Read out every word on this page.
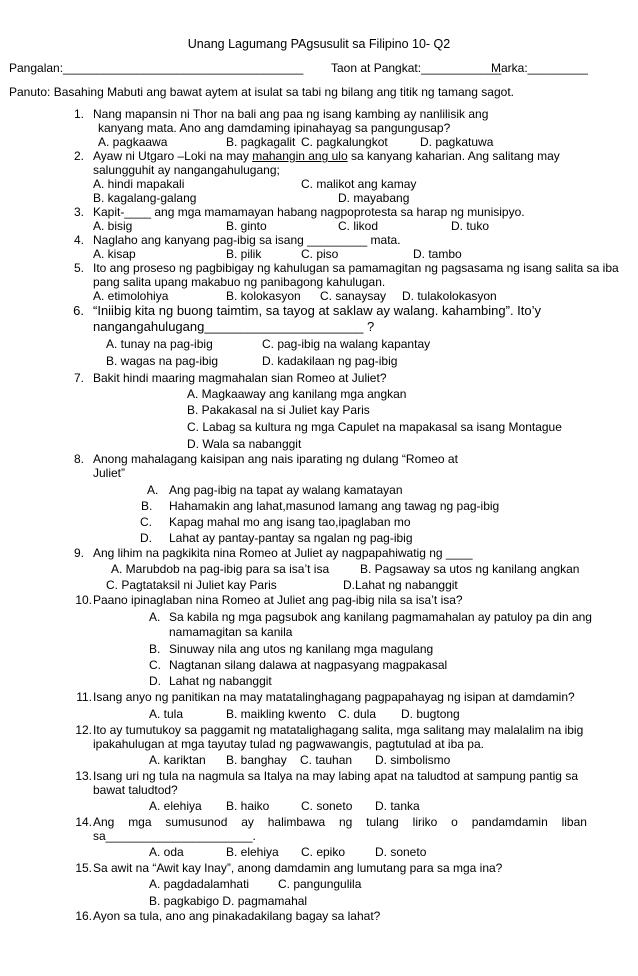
Unang Lagumang PAgsusulit sa Filipino 10- Q2
Pangalan:____________________________________ Taon at Pangkat:____________
Marka:_________
Panuto: Basahing Mabuti ang bawat aytem at isulat sa tabi ng bilang ang titik ng tamang sagot.
1. Nang mapansin ni Thor na bali ang paa ng isang kambing ay nanlilisik ang
kanyang mata. Ano ang damdaming ipinahayag sa pangungusap?
A. pagkaawa	B. pagkagalit C. pagkalungkot	D. pagkatuwa
2. Ayaw ni Utgaro –Loki na may mahangin ang ulo sa kanyang kaharian. Ang salitang may
salungguhit ay nangangahulugang;
A. hindi mapakali	C. malikot ang kamay
B. kagalang-galang	D. mayabang
3. Kapit-____ ang mga mamamayan habang nagpoprotesta sa harap ng munisipyo.
A. bisig	B. ginto	C. likod	D. tuko
4. Naglaho ang kanyang pag-ibig sa isang _________ mata.
A. kisap	B. pilik	C. piso	D. tambo
5. Ito ang proseso ng pagbibigay ng kahulugan sa pamamagitan ng pagsasama ng isang salita sa iba
pang salita upang makabuo ng panibagong kahulugan.
A. etimolohiya	B. kolokasyon C. sanaysay D. tulakolokasyon
6. “Iniibig kita ng buong taimtim, sa tayog at saklaw ay walang. kahambing”. Ito’y
nangangahulugang______________________ ?
A. tunay na pag-ibig	C. pag-ibig na walang kapantay
B. wagas na pag-ibig	D. kadakilaan ng pag-ibig
7. Bakit hindi maaring magmahalan sian Romeo at Juliet?
A. Magkaaway ang kanilang mga angkan
B. Pakakasal na si Juliet kay Paris
C. Labag sa kultura ng mga Capulet na mapakasal sa isang Montague
D. Wala sa nabanggit
8. Anong mahalagang kaisipan ang nais iparating ng dulang “Romeo at
Juliet”
A. Ang pag-ibig na tapat ay walang kamatayan
B. Hahamakin ang lahat,masunod lamang ang tawag ng pag-ibig
C. Kapag mahal mo ang isang tao,ipaglaban mo
D. Lahat ay pantay-pantay sa ngalan ng pag-ibig
9. Ang lihim na pagkikita nina Romeo at Juliet ay nagpapahiwatig ng ____
A. Marubdob na pag-ibig para sa isa’t isa	B. Pagsaway sa utos ng kanilang angkan
C. Pagtataksil ni Juliet kay Paris	D.Lahat ng nabanggit
10. Paano ipinaglaban nina Romeo at Juliet ang pag-ibig nila sa isa’t isa?
A. Sa kabila ng mga pagsubok ang kanilang pagmamahalan ay patuloy pa din ang
namamagitan sa kanila
B. Sinuway nila ang utos ng kanilang mga magulang
C. Nagtanan silang dalawa at nagpasyang magpakasal
D. Lahat ng nabanggit
11. Isang anyo ng panitikan na may matatalinghagang pagpapahayag ng isipan at damdamin?
A. tula	B. maikling kwento C. dula D. bugtong
12. Ito ay tumutukoy sa paggamit ng matatalighagang salita, mga salitang may malalalim na ibig
ipakahulugan at mga tayutay tulad ng pagwawangis, pagtutulad at iba pa.
A. kariktan B. banghay C. tauhan D. simbolismo
13. Isang uri ng tula na nagmula sa Italya na may labing apat na taludtod at sampung pantig sa
bawat taludtod?
A. elehiya B. haiko	C. soneto D. tanka
14. Ang mga sumusunod ay halimbawa ng tulang liriko o pandamdamin liban
sa______________________.
A. oda	B. elehiya C. epiko D. soneto
15. Sa awit na “Awit kay Inay”, anong damdamin ang lumutang para sa mga ina?
A. pagdadalamhati C. pangungulila
B. pagkabigo D. pagmamahal
16. Ayon sa tula, ano ang pinakadakilang bagay sa lahat?
